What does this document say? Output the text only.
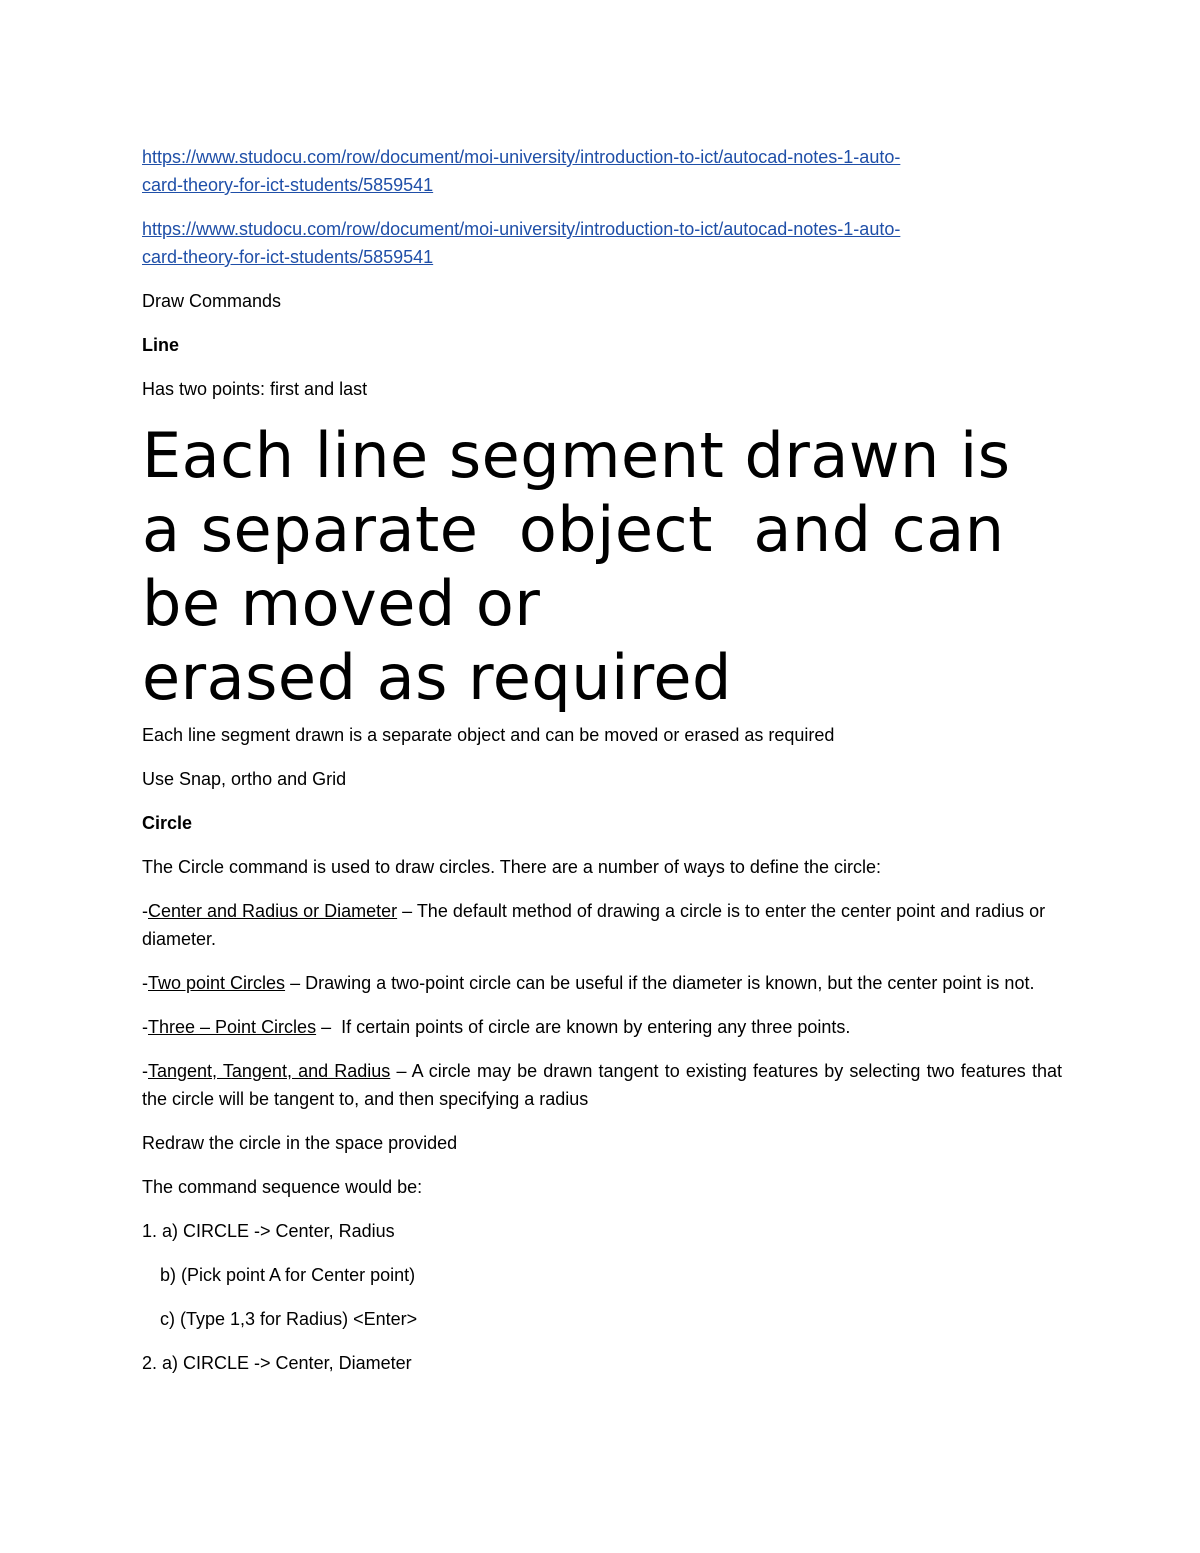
https://www.studocu.com/row/document/moi-university/introduction-to-ict/autocad-notes-1-auto-
card-theory-for-ict-students/5859541

https://www.studocu.com/row/document/moi-university/introduction-to-ict/autocad-notes-1-auto-
card-theory-for-ict-students/5859541

Draw Commands

Line

Has two points: first and last

Each line segment drawn is
a separate  object  and can
be moved or
erased as required

Each line segment drawn is a separate object and can be moved or erased as required

Use Snap, ortho and Grid

Circle

The Circle command is used to draw circles. There are a number of ways to define the circle:

-Center and Radius or Diameter – The default method of drawing a circle is to enter the center point and radius or diameter.

-Two point Circles – Drawing a two-point circle can be useful if the diameter is known, but the center point is not.

-Three – Point Circles –  If certain points of circle are known by entering any three points.

-Tangent, Tangent, and Radius – A circle may be drawn tangent to existing features by selecting two features that the circle will be tangent to, and then specifying a radius

Redraw the circle in the space provided

The command sequence would be:

1. a) CIRCLE -> Center, Radius

b) (Pick point A for Center point)

c) (Type 1,3 for Radius) <Enter>

2. a) CIRCLE -> Center, Diameter
